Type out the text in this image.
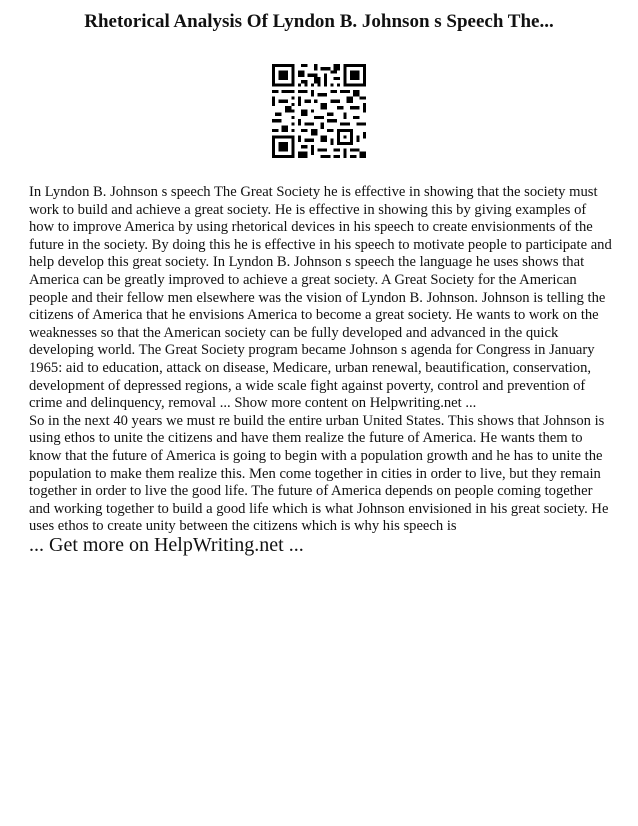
Rhetorical Analysis Of Lyndon B. Johnson s Speech The...

In Lyndon B. Johnson s speech The Great Society he is effective in showing that the society must work to build and achieve a great society. He is effective in showing this by giving examples of how to improve America by using rhetorical devices in his speech to create envisionments of the future in the society. By doing this he is effective in his speech to motivate people to participate and help develop this great society. In Lyndon B. Johnson s speech the language he uses shows that America can be greatly improved to achieve a great society. A Great Society for the American people and their fellow men elsewhere was the vision of Lyndon B. Johnson. Johnson is telling the citizens of America that he envisions America to become a great society. He wants to work on the weaknesses so that the American society can be fully developed and advanced in the quick developing world. The Great Society program became Johnson s agenda for Congress in January 1965: aid to education, attack on disease, Medicare, urban renewal, beautification, conservation, development of depressed regions, a wide scale fight against poverty, control and prevention of crime and delinquency, removal ... Show more content on Helpwriting.net ...

So in the next 40 years we must re build the entire urban United States. This shows that Johnson is using ethos to unite the citizens and have them realize the future of America. He wants them to know that the future of America is going to begin with a population growth and he has to unite the population to make them realize this. Men come together in cities in order to live, but they remain together in order to live the good life. The future of America depends on people coming together and working together to build a good life which is what Johnson envisioned in his great society. He uses ethos to create unity between the citizens which is why his speech is

... Get more on HelpWriting.net ...
